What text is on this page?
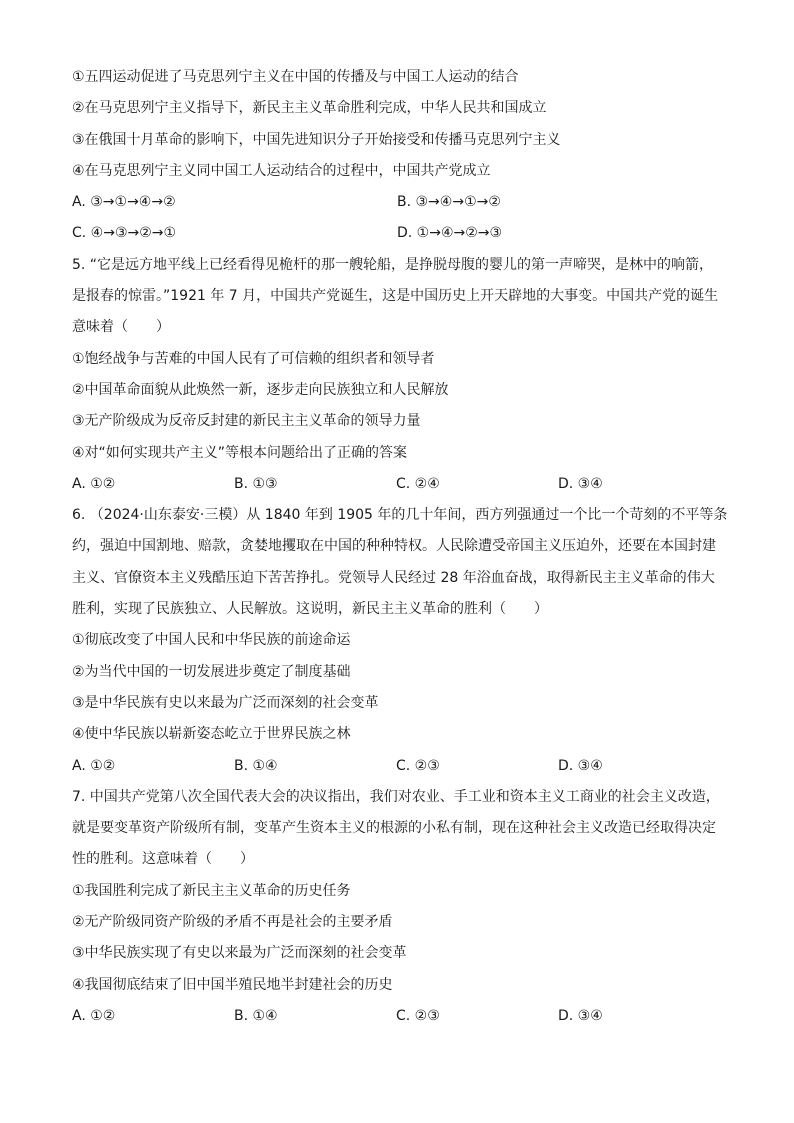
①五四运动促进了马克思列宁主义在中国的传播及与中国工人运动的结合
②在马克思列宁主义指导下，新民主主义革命胜利完成，中华人民共和国成立
③在俄国十月革命的影响下，中国先进知识分子开始接受和传播马克思列宁主义
④在马克思列宁主义同中国工人运动结合的过程中，中国共产党成立
A. ③→①→④→②	B. ③→④→①→②
C. ④→③→②→①	D. ①→④→②→③
5. “它是远方地平线上已经看得见桅杆的那一艘轮船，是挣脱母腹的婴儿的第一声啼哭，是林中的响箭，
是报春的惊雷。”1921 年 7 月，中国共产党诞生，这是中国历史上开天辟地的大事变。中国共产党的诞生
意味着（　　）
①饱经战争与苦难的中国人民有了可信赖的组织者和领导者
②中国革命面貌从此焕然一新，逐步走向民族独立和人民解放
③无产阶级成为反帝反封建的新民主主义革命的领导力量
④对“如何实现共产主义”等根本问题给出了正确的答案
A. ①②	B. ①③	C. ②④	D. ③④
6. （2024·山东泰安·三模）从 1840 年到 1905 年的几十年间，西方列强通过一个比一个苛刻的不平等条
约，强迫中国割地、赔款，贪婪地攫取在中国的种种特权。人民除遭受帝国主义压迫外，还要在本国封建
主义、官僚资本主义残酷压迫下苦苦挣扎。党领导人民经过 28 年浴血奋战，取得新民主主义革命的伟大
胜利，实现了民族独立、人民解放。这说明，新民主主义革命的胜利（　　）
①彻底改变了中国人民和中华民族的前途命运
②为当代中国的一切发展进步奠定了制度基础
③是中华民族有史以来最为广泛而深刻的社会变革
④使中华民族以崭新姿态屹立于世界民族之林
A. ①②	B. ①④	C. ②③	D. ③④
7. 中国共产党第八次全国代表大会的决议指出，我们对农业、手工业和资本主义工商业的社会主义改造，
就是要变革资产阶级所有制，变革产生资本主义的根源的小私有制，现在这种社会主义改造已经取得决定
性的胜利。这意味着（　　）
①我国胜利完成了新民主主义革命的历史任务
②无产阶级同资产阶级的矛盾不再是社会的主要矛盾
③中华民族实现了有史以来最为广泛而深刻的社会变革
④我国彻底结束了旧中国半殖民地半封建社会的历史
A. ①②	B. ①④	C. ②③	D. ③④
